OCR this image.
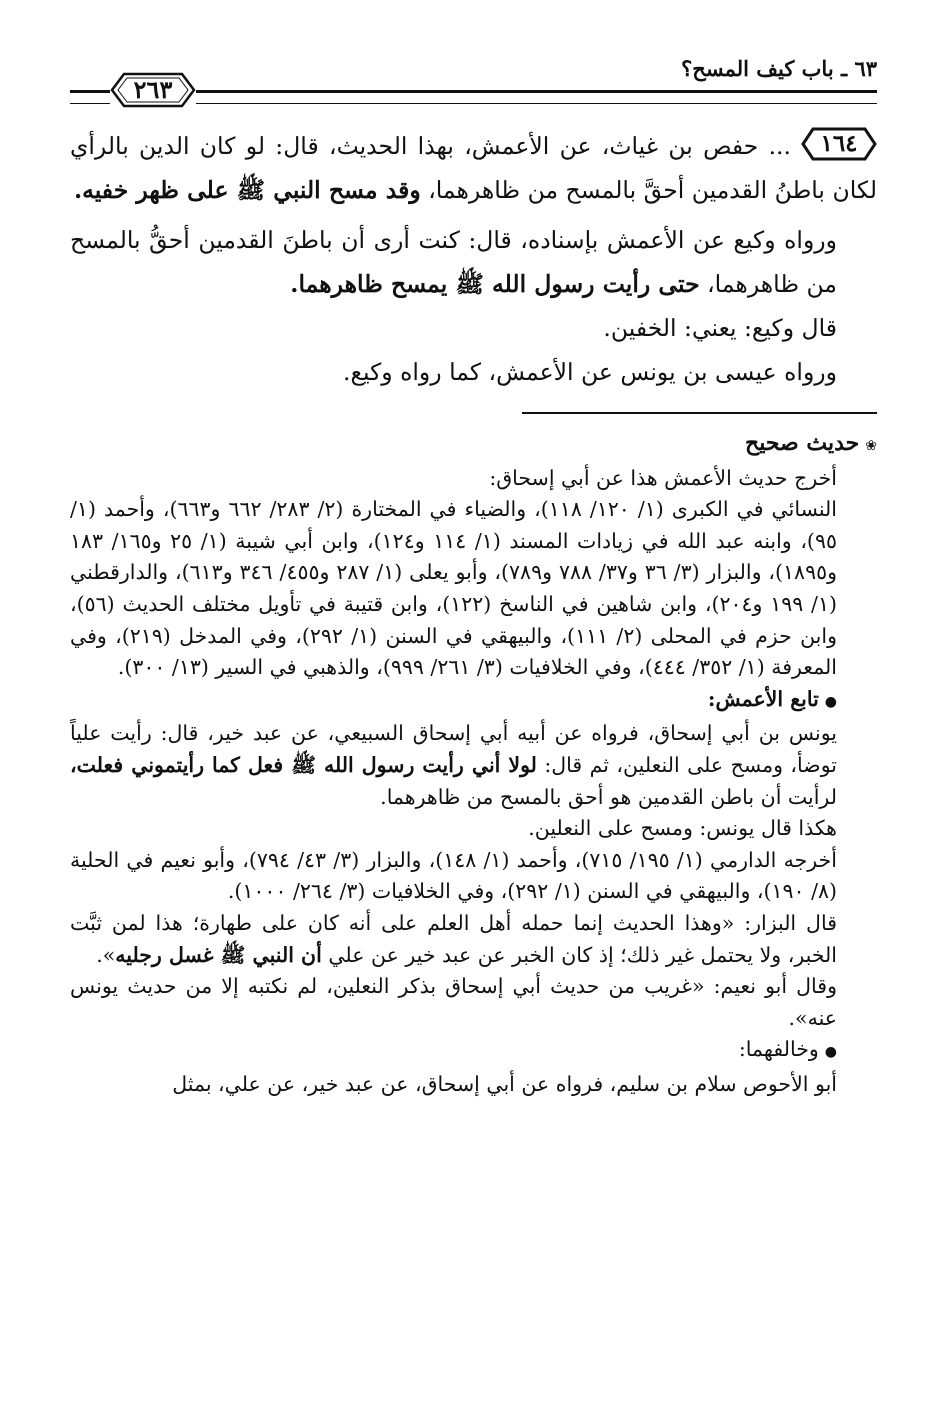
٦٣ ـ باب كيف المسح؟
٢٦٣

١٦٤
... حفص بن غياث، عن الأعمش، بهذا الحديث، قال: لو كان الدين بالرأي لكان باطنُ القدمين أحقَّ بالمسح من ظاهرهما، وقد مسح النبي ﷺ على ظهر خفيه.

ورواه وكيع عن الأعمش بإسناده، قال: كنت أرى أن باطنَ القدمين أحقُّ بالمسح من ظاهرهما، حتى رأيت رسول الله ﷺ يمسح ظاهرهما.

قال وكيع: يعني: الخفين.

ورواه عيسى بن يونس عن الأعمش، كما رواه وكيع.

❀حديث صحيح

أخرج حديث الأعمش هذا عن أبي إسحاق:

النسائي في الكبرى (١/ ١٢٠/ ١١٨)، والضياء في المختارة (٢/ ٢٨٣/ ٦٦٢ و٦٦٣)، وأحمد (١/ ٩٥)، وابنه عبد الله في زيادات المسند (١/ ١١٤ و١٢٤)، وابن أبي شيبة (١/ ٢٥ و١٦٥/ ١٨٣ و١٨٩٥)، والبزار (٣/ ٣٦ و٣٧/ ٧٨٨ و٧٨٩)، وأبو يعلى (١/ ٢٨٧ و٤٥٥/ ٣٤٦ و٦١٣)، والدارقطني (١/ ١٩٩ و٢٠٤)، وابن شاهين في الناسخ (١٢٢)، وابن قتيبة في تأويل مختلف الحديث (٥٦)، وابن حزم في المحلى (٢/ ١١١)، والبيهقي في السنن (١/ ٢٩٢)، وفي المدخل (٢١٩)، وفي المعرفة (١/ ٣٥٢/ ٤٤٤)، وفي الخلافيات (٣/ ٢٦١/ ٩٩٩)، والذهبي في السير (١٣/ ٣٠٠).

●تابع الأعمش:

يونس بن أبي إسحاق، فرواه عن أبيه أبي إسحاق السبيعي، عن عبد خير، قال: رأيت علياً توضأ، ومسح على النعلين، ثم قال: لولا أني رأيت رسول الله ﷺ فعل كما رأيتموني فعلت، لرأيت أن باطن القدمين هو أحق بالمسح من ظاهرهما.

هكذا قال يونس: ومسح على النعلين.

أخرجه الدارمي (١/ ١٩٥/ ٧١٥)، وأحمد (١/ ١٤٨)، والبزار (٣/ ٤٣/ ٧٩٤)، وأبو نعيم في الحلية (٨/ ١٩٠)، والبيهقي في السنن (١/ ٢٩٢)، وفي الخلافيات (٣/ ٢٦٤/ ١٠٠٠).

قال البزار: «وهذا الحديث إنما حمله أهل العلم على أنه كان على طهارة؛ هذا لمن ثبَّت الخبر، ولا يحتمل غير ذلك؛ إذ كان الخبر عن عبد خير عن علي أن النبي ﷺ غسل رجليه».

وقال أبو نعيم: «غريب من حديث أبي إسحاق بذكر النعلين، لم نكتبه إلا من حديث يونس عنه».

●وخالفهما:

أبو الأحوص سلام بن سليم، فرواه عن أبي إسحاق، عن عبد خير، عن علي، بمثل
